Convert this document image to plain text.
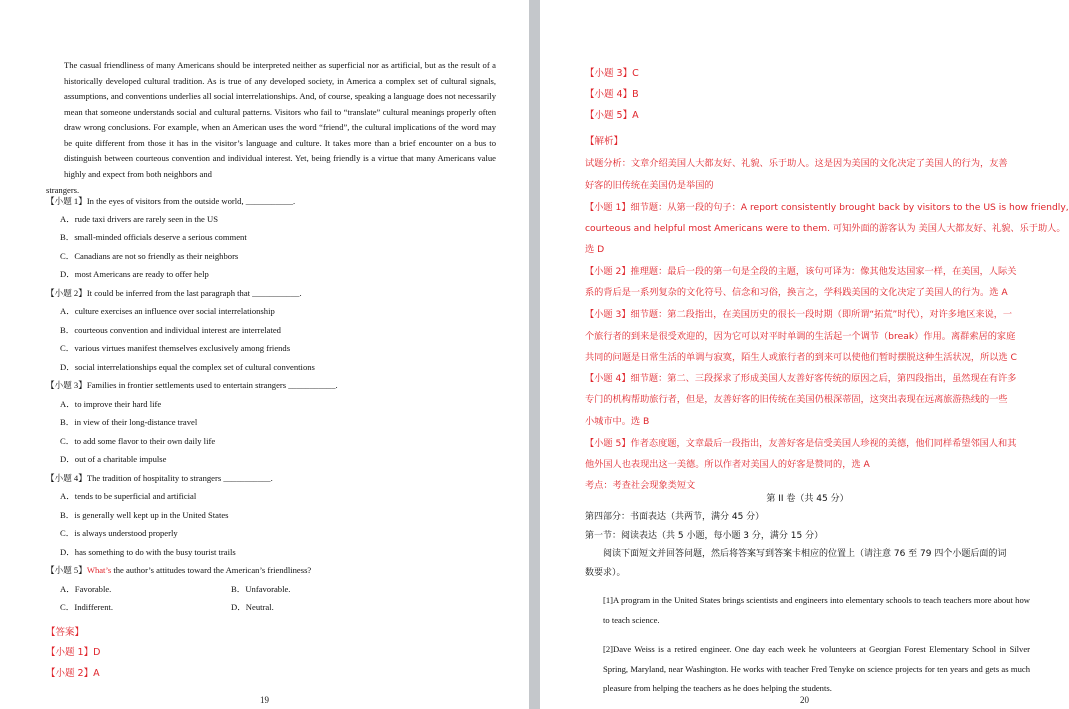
The casual friendliness of many Americans should be interpreted neither as superficial nor as artificial, but as the result of a historically developed cultural tradition. As is true of any developed society, in America a complex set of cultural signals, assumptions, and conventions underlies all social interrelationships. And, of course, speaking a language does not necessarily mean that someone understands social and cultural patterns. Visitors who fail to “translate” cultural meanings properly often draw wrong conclusions. For example, when an American uses the word “friend”, the cultural implications of the word may be quite different from those it has in the visitor’s language and culture. It takes more than a brief encounter on a bus to distinguish between courteous convention and individual interest. Yet, being friendly is a virtue that many Americans value highly and expect from both neighbors and
strangers.
【小题 1】In the eyes of visitors from the outside world, ___________.
A．rude taxi drivers are rarely seen in the US
B．small-minded officials deserve a serious comment
C．Canadians are not so friendly as their neighbors
D．most Americans are ready to offer help
【小题 2】It could be inferred from the last paragraph that ___________.
A．culture exercises an influence over social interrelationship
B．courteous convention and individual interest are interrelated
C．various virtues manifest themselves exclusively among friends
D．social interrelationships equal the complex set of cultural conventions
【小题 3】Families in frontier settlements used to entertain strangers ___________.
A．to improve their hard life
B．in view of their long-distance travel
C．to add some flavor to their own daily life
D．out of a charitable impulse
【小题 4】The tradition of hospitality to strangers ___________.
A．tends to be superficial and artificial
B．is generally well kept up in the United States
C．is always understood properly
D．has something to do with the busy tourist trails
【小题 5】What’s the author’s attitudes toward the American’s friendliness?
A．Favorable.	B．Unfavorable.
C．Indifferent.	D．Neutral.
【答案】
【小题 1】D
【小题 2】A
19	20
【小题 3】C
【小题 4】B
【小题 5】A
【解析】
试题分析：文章介绍美国人大都友好、礼貌、乐于助人。这是因为美国的文化决定了美国人的行为，友善
好客的旧传统在美国仍是举国的
【小题 1】细节题：从第一段的句子：A report consistently brought back by visitors to the US is how friendly,
courteous and helpful most Americans were to them. 可知外面的游客认为 美国人大都友好、礼貌、乐于助人。
选 D
【小题 2】推理题：最后一段的第一句是全段的主题，该句可译为：像其他发达国家一样，在美国，人际关
系的背后是一系列复杂的文化符号、信念和习俗，换言之，学科践美国的文化决定了美国人的行为。选 A
【小题 3】细节题：第二段指出，在美国历史的很长一段时期（即所谓“拓荒”时代），对许多地区来说，一
个旅行者的到来是很受欢迎的，因为它可以对平时单调的生活起一个调节（break）作用。离群索居的家庭
共同的问题是日常生活的单调与寂寞，陌生人或旅行者的到来可以使他们暂时摆脱这种生活状况，所以选 C
【小题 4】细节题：第二、三段探求了形成美国人友善好客传统的原因之后，第四段指出，虽然现在有许多
专门的机构帮助旅行者，但是，友善好客的旧传统在美国仍根深蒂固，这突出表现在远离旅游热线的一些
小城市中。选 B
【小题 5】作者态度题，文章最后一段指出，友善好客是信受美国人珍视的美德，他们同样希望邻国人和其
他外国人也表现出这一美德。所以作者对美国人的好客是赞同的，选 A
考点：考查社会现象类短文
第 II 卷（共 45 分）
第四部分：书面表达（共两节，满分 45 分）
第一节：阅读表达（共 5 小题，每小题 3 分，满分 15 分）
阅读下面短文并回答问题，然后将答案写到答案卡相应的位置上（请注意 76 至 79 四个小题后面的词
数要求）。
[1]A program in the United States brings scientists and engineers into elementary schools to teach teachers more about how to teach science.
[2]Dave Weiss is a retired engineer. One day each week he volunteers at Georgian Forest Elementary School in Silver Spring, Maryland, near Washington. He works with teacher Fred Tenyke on science projects for ten years and gets as much pleasure from helping the teachers as he does helping the students.
